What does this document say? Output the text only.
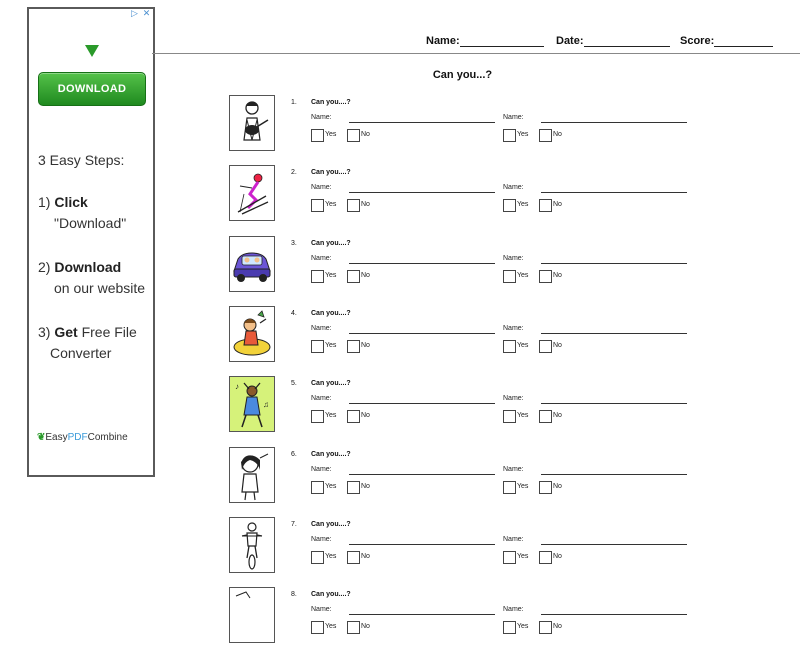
▷ ✕
DOWNLOAD
3 Easy Steps:
1) Click
"Download"
2) Download
on our website
3) Get Free File
Converter
❦EasyPDFCombine
Name:	Date:	Score:
Can you...?
1. Can you....?
Name:
Yes	No
Name:
Yes	No
2. Can you....?
Name:
Yes	No
Name:
Yes	No
3. Can you....?
Name:
Yes	No
Name:
Yes	No
4. Can you....?
Name:
Yes	No
Name:
Yes	No
♪
♫
5. Can you....?
Name:
Yes	No
Name:
Yes	No
6. Can you....?
Name:
Yes	No
Name:
Yes	No
7. Can you....?
Name:
Yes	No
Name:
Yes	No
8. Can you....?
Name:
Yes	No
Name:
Yes	No
